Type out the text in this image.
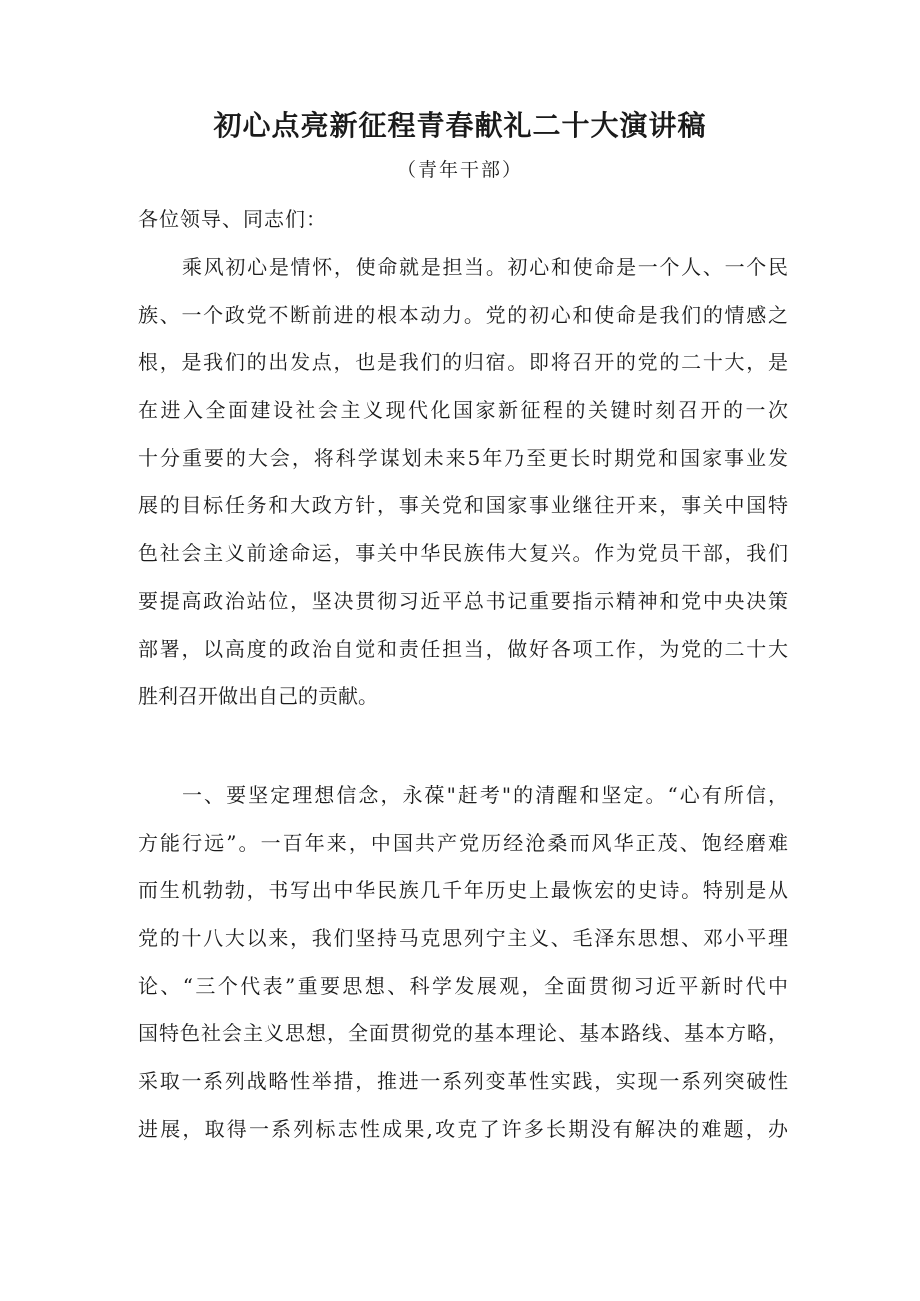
初心点亮新征程青春献礼二十大演讲稿
（青年干部）
各位领导、同志们：
乘风初心是情怀，使命就是担当。初心和使命是一个人、一个民
族、一个政党不断前进的根本动力。党的初心和使命是我们的情感之
根，是我们的出发点，也是我们的归宿。即将召开的党的二十大，是
在进入全面建设社会主义现代化国家新征程的关键时刻召开的一次
十分重要的大会，将科学谋划未来5年乃至更长时期党和国家事业发
展的目标任务和大政方针，事关党和国家事业继往开来，事关中国特
色社会主义前途命运，事关中华民族伟大复兴。作为党员干部，我们
要提高政治站位，坚决贯彻习近平总书记重要指示精神和党中央决策
部署，以高度的政治自觉和责任担当，做好各项工作，为党的二十大
胜利召开做出自己的贡献。
一、要坚定理想信念，永葆"赶考"的清醒和坚定。“心有所信，
方能行远”。一百年来，中国共产党历经沧桑而风华正茂、饱经磨难
而生机勃勃，书写出中华民族几千年历史上最恢宏的史诗。特别是从
党的十八大以来，我们坚持马克思列宁主义、毛泽东思想、邓小平理
论、“三个代表”重要思想、科学发展观，全面贯彻习近平新时代中
国特色社会主义思想，全面贯彻党的基本理论、基本路线、基本方略，
采取一系列战略性举措，推进一系列变革性实践，实现一系列突破性
进展，取得一系列标志性成果,攻克了许多长期没有解决的难题，办
